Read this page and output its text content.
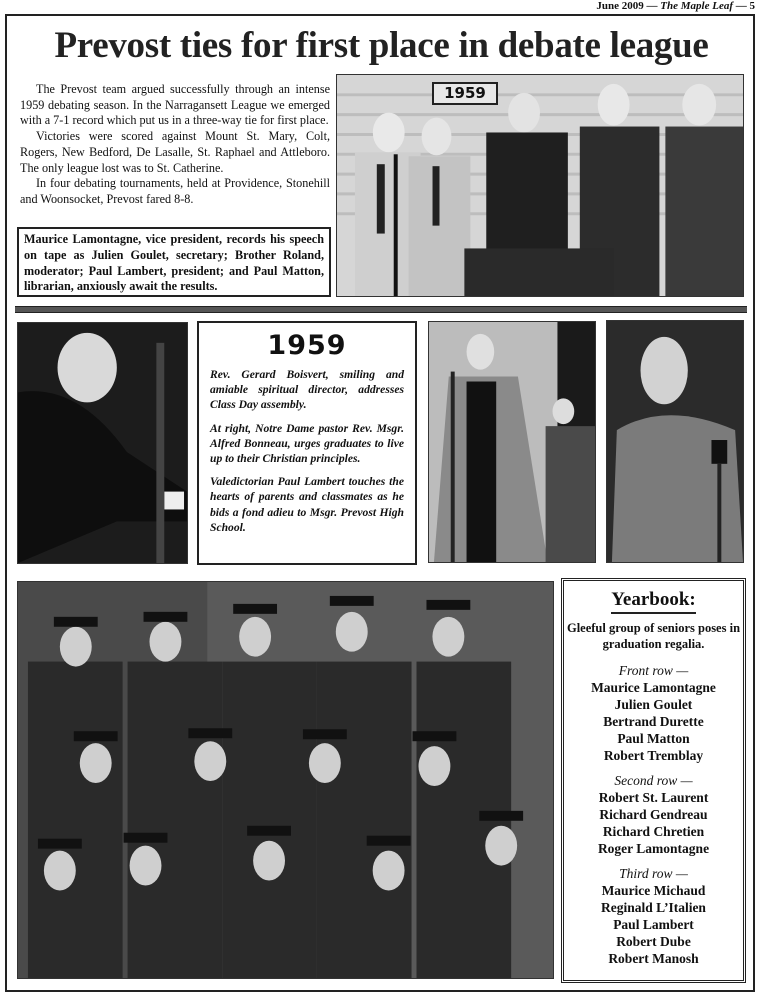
June 2009 — The Maple Leaf — 5
Prevost ties for first place in debate league

The Prevost team argued successfully through an intense 1959 debating season. In the Narragansett League we emerged with a 7-1 record which put us in a three-way tie for first place.

Victories were scored against Mount St. Mary, Colt, Rogers, New Bedford, De Lasalle, St. Raphael and Attleboro. The only league lost was to St. Catherine.

In four debating tournaments, held at Providence, Stonehill and Woonsocket, Prevost fared 8-8.

Maurice Lamontagne, vice president, records his speech on tape as Julien Goulet, secretary; Brother Roland, moderator; Paul Lambert, president; and Paul Matton, librarian, anxiously await the results.
1959
1959

Rev. Gerard Boisvert, smiling and amiable spiritual director, addresses Class Day assembly.

At right, Notre Dame pastor Rev. Msgr. Alfred Bonneau, urges graduates to live up to their Christian principles.

Valedictorian Paul Lambert touches the hearts of parents and classmates as he bids a fond adieu to Msgr. Prevost High School.

Yearbook:
Gleeful group of seniors poses in graduation regalia.
Front row —
Maurice Lamontagne
Julien Goulet
Bertrand Durette
Paul Matton
Robert Tremblay
Second row —
Robert St. Laurent
Richard Gendreau
Richard Chretien
Roger Lamontagne
Third row —
Maurice Michaud
Reginald L’Italien
Paul Lambert
Robert Dube
Robert Manosh
